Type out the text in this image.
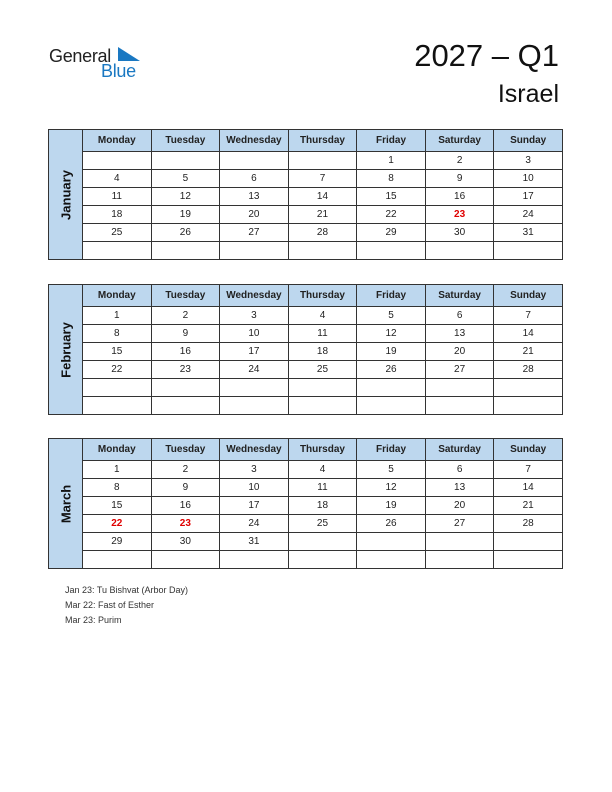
General
Blue	2027 – Q1
Israel
January	Monday	Tuesday	Wednesday	Thursday	Friday	Saturday	Sunday
					1	2	3
	4	5	6	7	8	9	10
	11	12	13	14	15	16	17
	18	19	20	21	22	23	24
	25	26	27	28	29	30	31

February	Monday	Tuesday	Wednesday	Thursday	Friday	Saturday	Sunday
	1	2	3	4	5	6	7
	8	9	10	11	12	13	14
	15	16	17	18	19	20	21
	22	23	24	25	26	27	28

March	Monday	Tuesday	Wednesday	Thursday	Friday	Saturday	Sunday
	1	2	3	4	5	6	7
	8	9	10	11	12	13	14
	15	16	17	18	19	20	21
	22	23	24	25	26	27	28
	29	30	31				

Jan 23: Tu Bishvat (Arbor Day)
Mar 22: Fast of Esther
Mar 23: Purim
